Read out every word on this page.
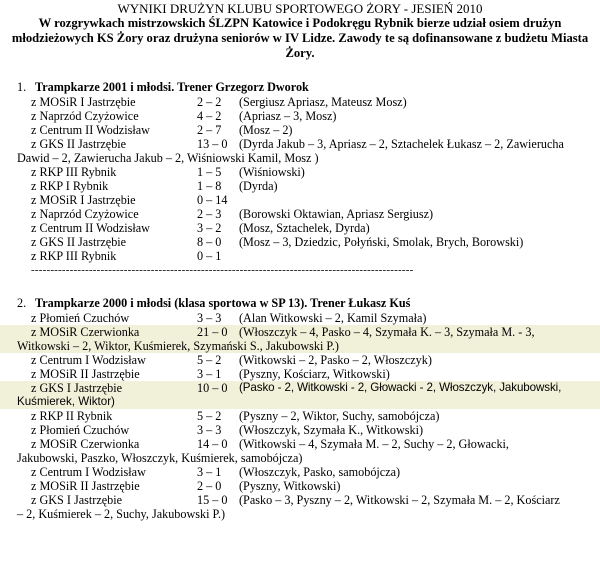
WYNIKI DRUŻYN KLUBU SPORTOWEGO ŻORY - JESIEŃ 2010
W rozgrywkach mistrzowskich ŚLZPN Katowice i Podokręgu Rybnik bierze udział osiem drużyn młodzieżowych KS Żory oraz drużyna seniorów w IV Lidze. Zawody te są dofinansowane z budżetu Miasta Żory.
1. Trampkarze 2001 i młodsi. Trener Grzegorz Dworok
z MOSiR I Jastrzębie	2 – 2 (Sergiusz Apriasz, Mateusz Mosz)
z Naprzód Czyżowice	4 – 2 (Apriasz – 3, Mosz)
z Centrum II Wodzisław	2 – 7 (Mosz – 2)
z GKS II Jastrzębie	13 – 0 (Dyrda Jakub – 3, Apriasz – 2, Sztachelek Łukasz – 2, Zawierucha
Dawid – 2, Zawierucha Jakub – 2, Wiśniowski Kamil, Mosz )
z RKP III Rybnik	1 – 5 (Wiśniowski)
z RKP I Rybnik	1 – 8 (Dyrda)
z MOSiR I Jastrzębie	0 – 14
z Naprzód Czyżowice	2 – 3 (Borowski Oktawian, Apriasz Sergiusz)
z Centrum II Wodzisław	3 – 2 (Mosz, Sztachelek, Dyrda)
z GKS II Jastrzębie	8 – 0 (Mosz – 3, Dziedzic, Połyński, Smolak, Brych, Borowski)
z RKP III Rybnik	0 – 1
---------------------------------------------------------------------------------------------------
2. Trampkarze 2000 i młodsi (klasa sportowa w SP 13). Trener Łukasz Kuś
z Płomień Czuchów	3 – 3 (Alan Witkowski – 2, Kamil Szymała)
z MOSiR Czerwionka	21 – 0 (Włoszczyk – 4, Pasko – 4, Szymała K. – 3, Szymała M. - 3,
Witkowski – 2, Wiktor, Kuśmierek, Szymański S., Jakubowski P.)
z Centrum I Wodzisław	5 – 2 (Witkowski – 2, Pasko – 2, Włoszczyk)
z MOSiR II Jastrzębie	3 – 1 (Pyszny, Kościarz, Witkowski)
z GKS I Jastrzębie	10 – 0 (Pasko - 2, Witkowski - 2, Głowacki - 2, Włoszczyk, Jakubowski,
Kuśmierek, Wiktor)
z RKP II Rybnik	5 – 2 (Pyszny – 2, Wiktor, Suchy, samobójcza)
z Płomień Czuchów	3 – 3 (Włoszczyk, Szymała K., Witkowski)
z MOSiR Czerwionka	14 – 0 (Witkowski – 4, Szymała M. – 2, Suchy – 2, Głowacki,
Jakubowski, Paszko, Włoszczyk, Kuśmierek, samobójcza)
z Centrum I Wodzisław	3 – 1 (Włoszczyk, Pasko, samobójcza)
z MOSiR II Jastrzębie	2 – 0 (Pyszny, Witkowski)
z GKS I Jastrzębie	15 – 0 (Pasko – 3, Pyszny – 2, Witkowski – 2, Szymała M. – 2, Kościarz
– 2, Kuśmierek – 2, Suchy, Jakubowski P.)
